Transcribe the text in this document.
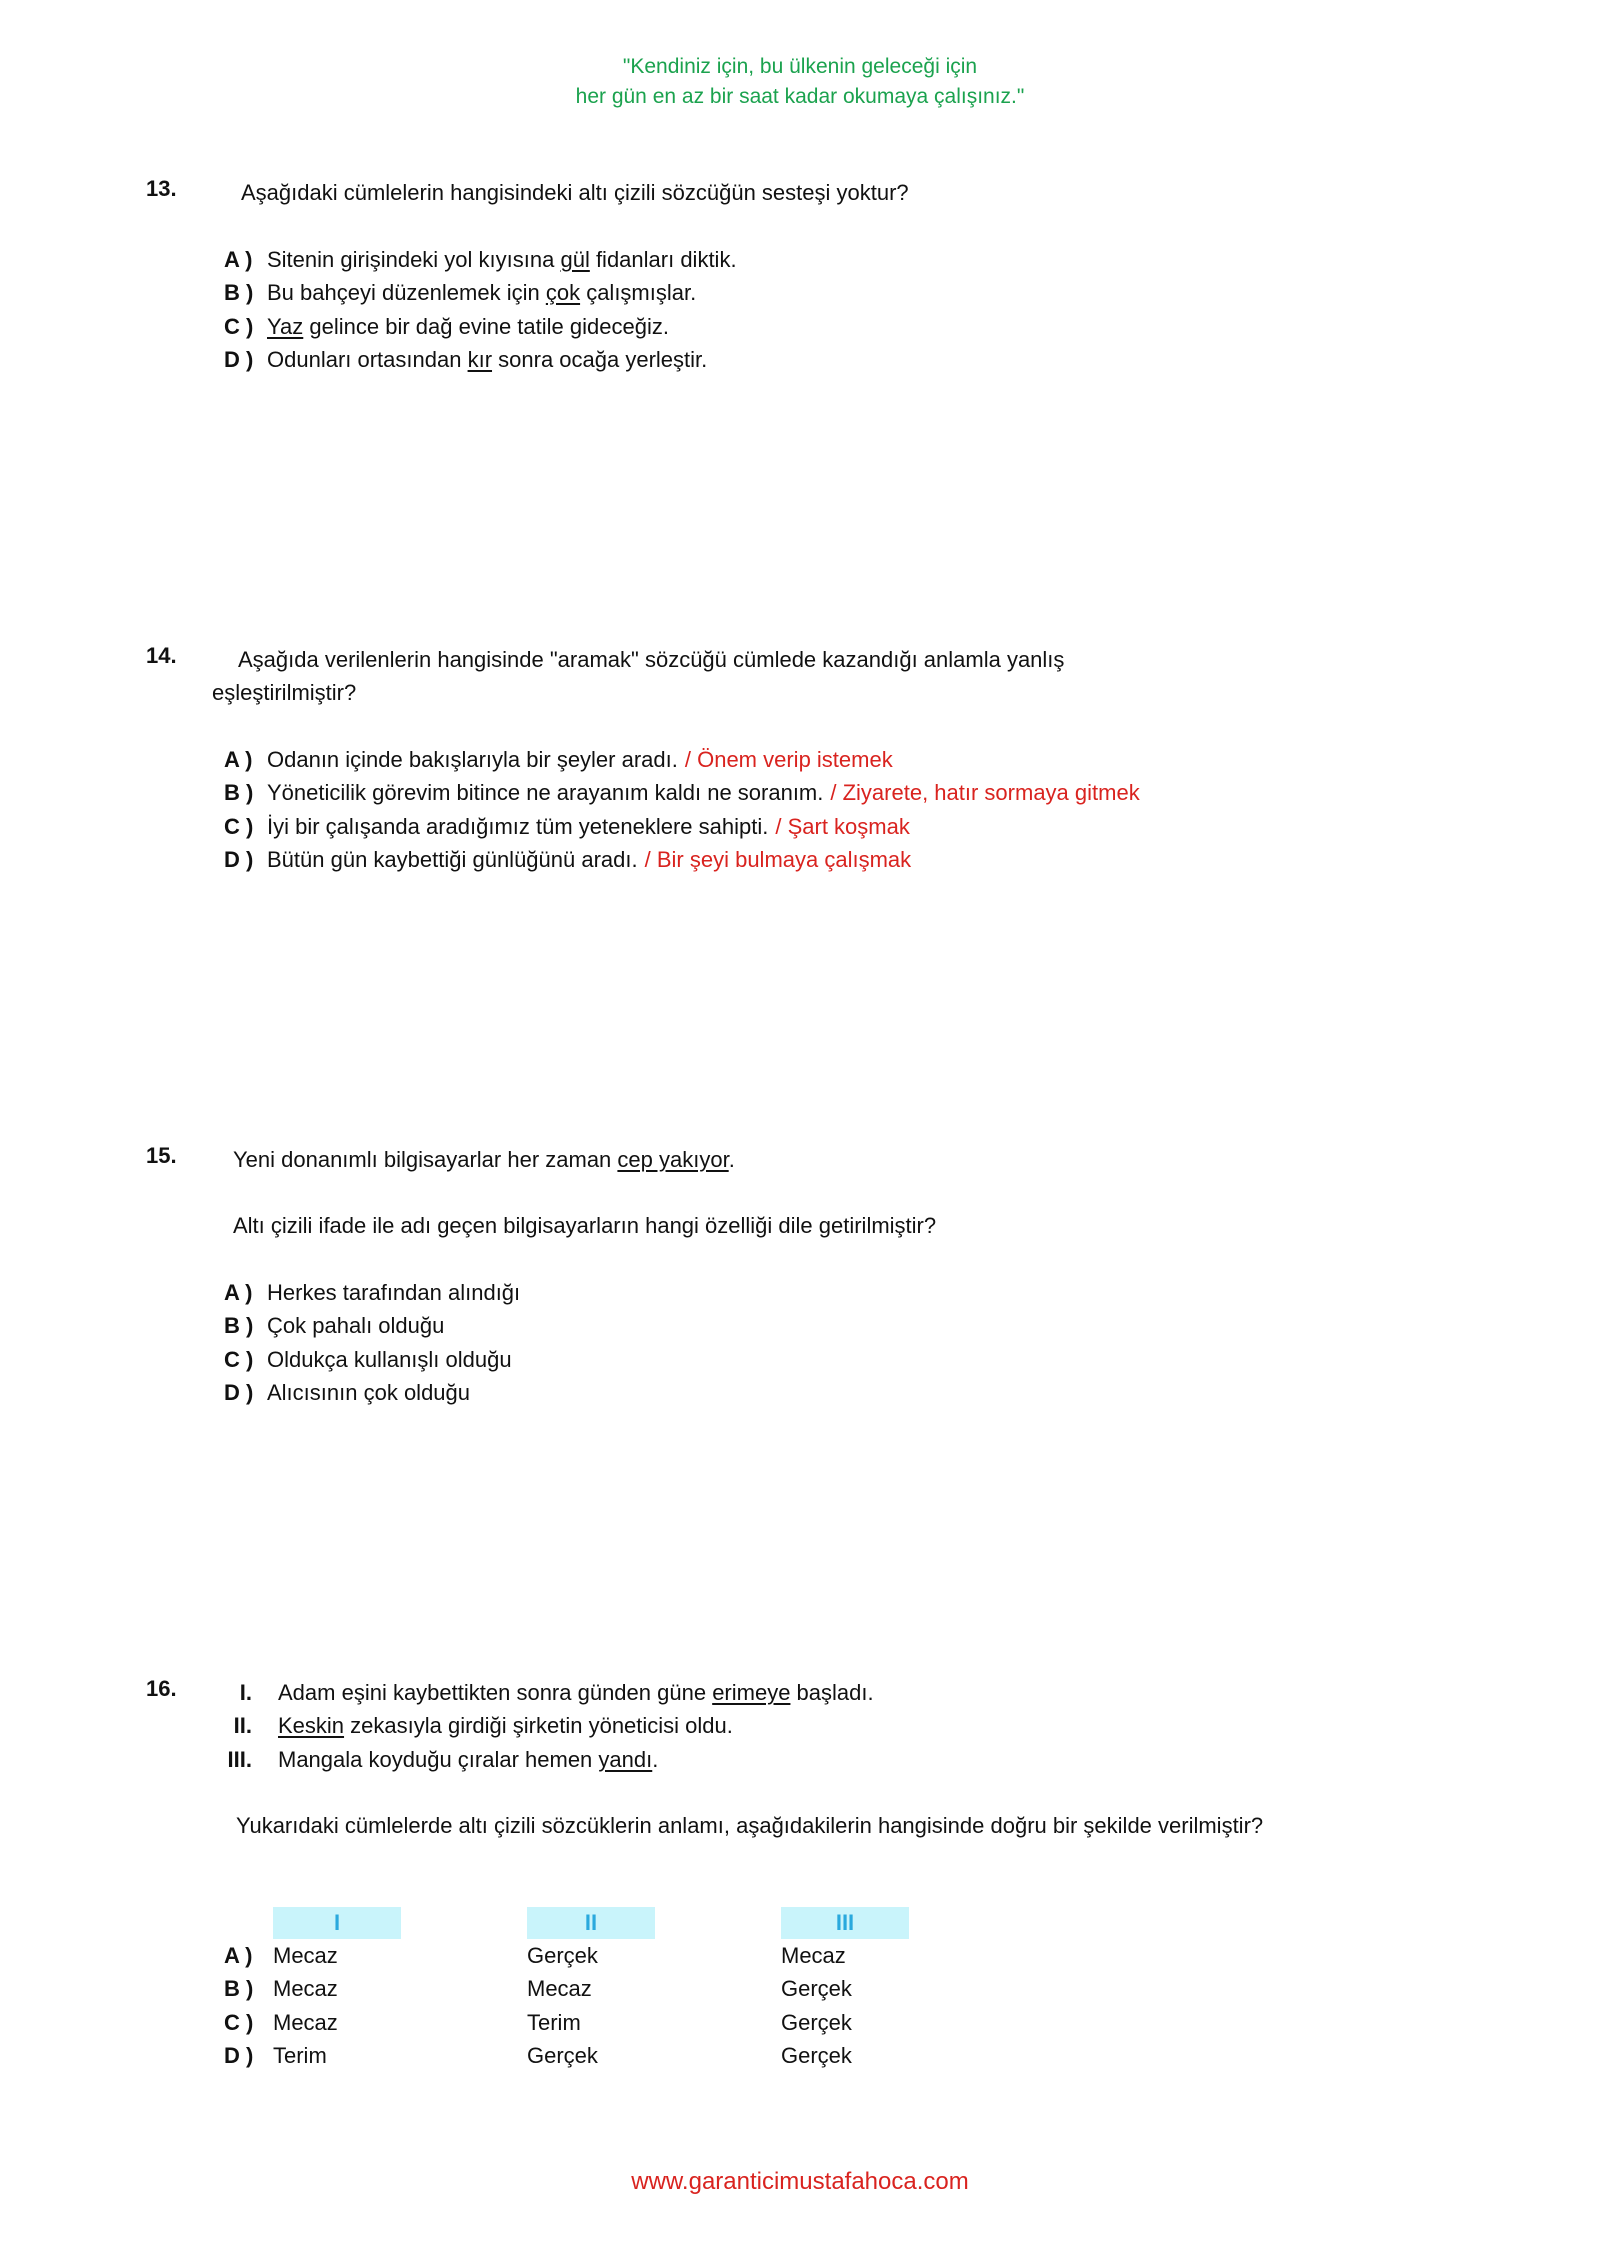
"Kendiniz için, bu ülkenin geleceği için
her gün en az bir saat kadar okumaya çalışınız."
13.	Aşağıdaki cümlelerin hangisindeki altı çizili sözcüğün sesteşi yoktur?
A ) Sitenin girişindeki yol kıyısına gül fidanları diktik.
B ) Bu bahçeyi düzenlemek için çok çalışmışlar.
C ) Yaz gelince bir dağ evine tatile gideceğiz.
D ) Odunları ortasından kır sonra ocağa yerleştir.
14.	Aşağıda verilenlerin hangisinde "aramak" sözcüğü cümlede kazandığı anlamla yanlış eşleştirilmiştir?
A ) Odanın içinde bakışlarıyla bir şeyler aradı. / Önem verip istemek
B ) Yöneticilik görevim bitince ne arayanım kaldı ne soranım. / Ziyarete, hatır sormaya gitmek
C ) İyi bir çalışanda aradığımız tüm yeteneklere sahipti. / Şart koşmak
D ) Bütün gün kaybettiği günlüğünü aradı. / Bir şeyi bulmaya çalışmak
15.	Yeni donanımlı bilgisayarlar her zaman cep yakıyor.
Altı çizili ifade ile adı geçen bilgisayarların hangi özelliği dile getirilmiştir?
A ) Herkes tarafından alındığı
B ) Çok pahalı olduğu
C ) Oldukça kullanışlı olduğu
D ) Alıcısının çok olduğu
16.	I. Adam eşini kaybettikten sonra günden güne erimeye başladı.
II. Keskin zekasıyla girdiği şirketin yöneticisi oldu.
III. Mangala koyduğu çıralar hemen yandı.
Yukarıdaki cümlelerde altı çizili sözcüklerin anlamı, aşağıdakilerin hangisinde doğru bir şekilde verilmiştir?
I	II	III
A ) Mecaz	Gerçek	Mecaz
B ) Mecaz	Mecaz	Gerçek
C ) Mecaz	Terim	Gerçek
D ) Terim	Gerçek	Gerçek
www.garanticimustafahoca.com
